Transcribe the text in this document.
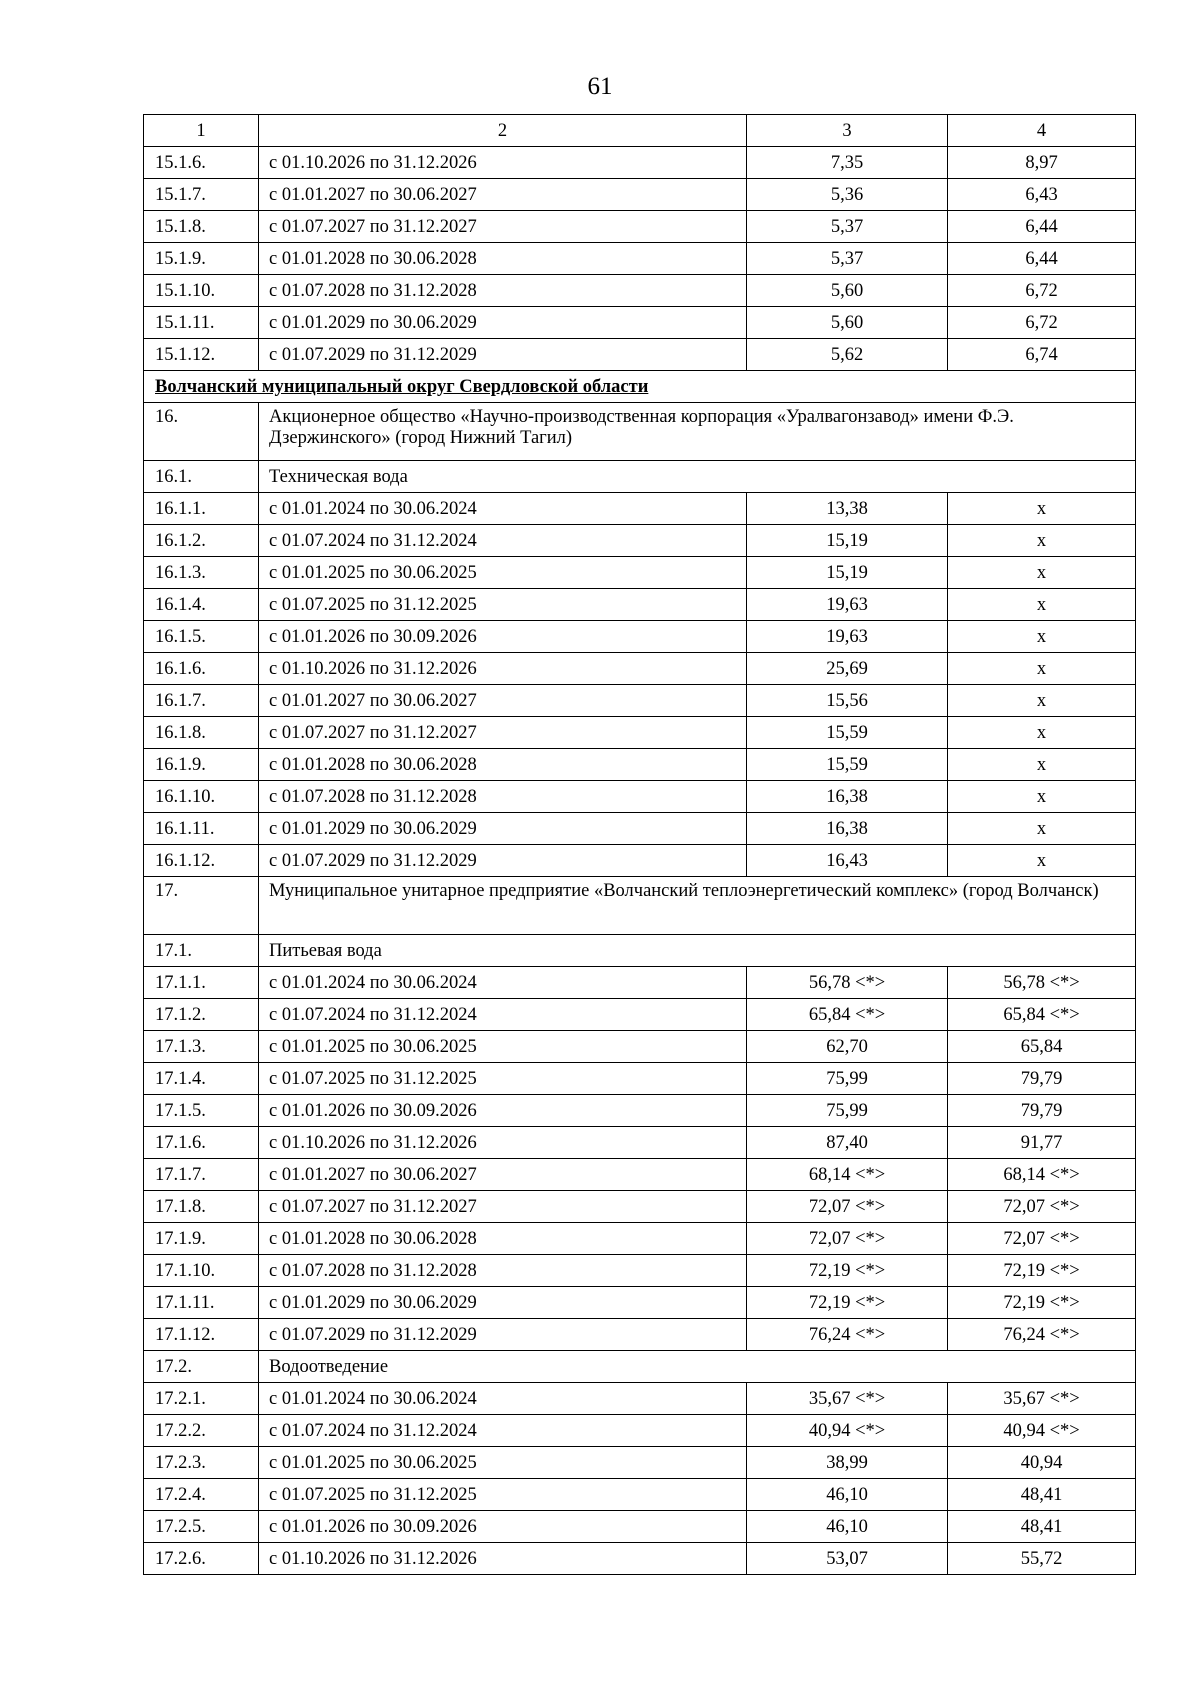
61
1	2	3	4
15.1.6.	с 01.10.2026 по 31.12.2026	7,35	8,97
15.1.7.	с 01.01.2027 по 30.06.2027	5,36	6,43
15.1.8.	с 01.07.2027 по 31.12.2027	5,37	6,44
15.1.9.	с 01.01.2028 по 30.06.2028	5,37	6,44
15.1.10.	с 01.07.2028 по 31.12.2028	5,60	6,72
15.1.11.	с 01.01.2029 по 30.06.2029	5,60	6,72
15.1.12.	с 01.07.2029 по 31.12.2029	5,62	6,74
Волчанский муниципальный округ Свердловской области			
16.	Акционерное общество «Научно-производственная корпорация «Уралвагонзавод» имени Ф.Э. Дзержинского» (город Нижний Тагил)		
16.1.	Техническая вода		
16.1.1.	с 01.01.2024 по 30.06.2024	13,38	x
16.1.2.	с 01.07.2024 по 31.12.2024	15,19	x
16.1.3.	с 01.01.2025 по 30.06.2025	15,19	x
16.1.4.	с 01.07.2025 по 31.12.2025	19,63	x
16.1.5.	с 01.01.2026 по 30.09.2026	19,63	x
16.1.6.	с 01.10.2026 по 31.12.2026	25,69	x
16.1.7.	с 01.01.2027 по 30.06.2027	15,56	x
16.1.8.	с 01.07.2027 по 31.12.2027	15,59	x
16.1.9.	с 01.01.2028 по 30.06.2028	15,59	x
16.1.10.	с 01.07.2028 по 31.12.2028	16,38	x
16.1.11.	с 01.01.2029 по 30.06.2029	16,38	x
16.1.12.	с 01.07.2029 по 31.12.2029	16,43	x
17.	Муниципальное унитарное предприятие «Волчанский теплоэнергетический комплекс» (город Волчанск)		
17.1.	Питьевая вода		
17.1.1.	с 01.01.2024 по 30.06.2024	56,78 <*>	56,78 <*>
17.1.2.	с 01.07.2024 по 31.12.2024	65,84 <*>	65,84 <*>
17.1.3.	с 01.01.2025 по 30.06.2025	62,70	65,84
17.1.4.	с 01.07.2025 по 31.12.2025	75,99	79,79
17.1.5.	с 01.01.2026 по 30.09.2026	75,99	79,79
17.1.6.	с 01.10.2026 по 31.12.2026	87,40	91,77
17.1.7.	с 01.01.2027 по 30.06.2027	68,14 <*>	68,14 <*>
17.1.8.	с 01.07.2027 по 31.12.2027	72,07 <*>	72,07 <*>
17.1.9.	с 01.01.2028 по 30.06.2028	72,07 <*>	72,07 <*>
17.1.10.	с 01.07.2028 по 31.12.2028	72,19 <*>	72,19 <*>
17.1.11.	с 01.01.2029 по 30.06.2029	72,19 <*>	72,19 <*>
17.1.12.	с 01.07.2029 по 31.12.2029	76,24 <*>	76,24 <*>
17.2.	Водоотведение		
17.2.1.	с 01.01.2024 по 30.06.2024	35,67 <*>	35,67 <*>
17.2.2.	с 01.07.2024 по 31.12.2024	40,94 <*>	40,94 <*>
17.2.3.	с 01.01.2025 по 30.06.2025	38,99	40,94
17.2.4.	с 01.07.2025 по 31.12.2025	46,10	48,41
17.2.5.	с 01.01.2026 по 30.09.2026	46,10	48,41
17.2.6.	с 01.10.2026 по 31.12.2026	53,07	55,72
